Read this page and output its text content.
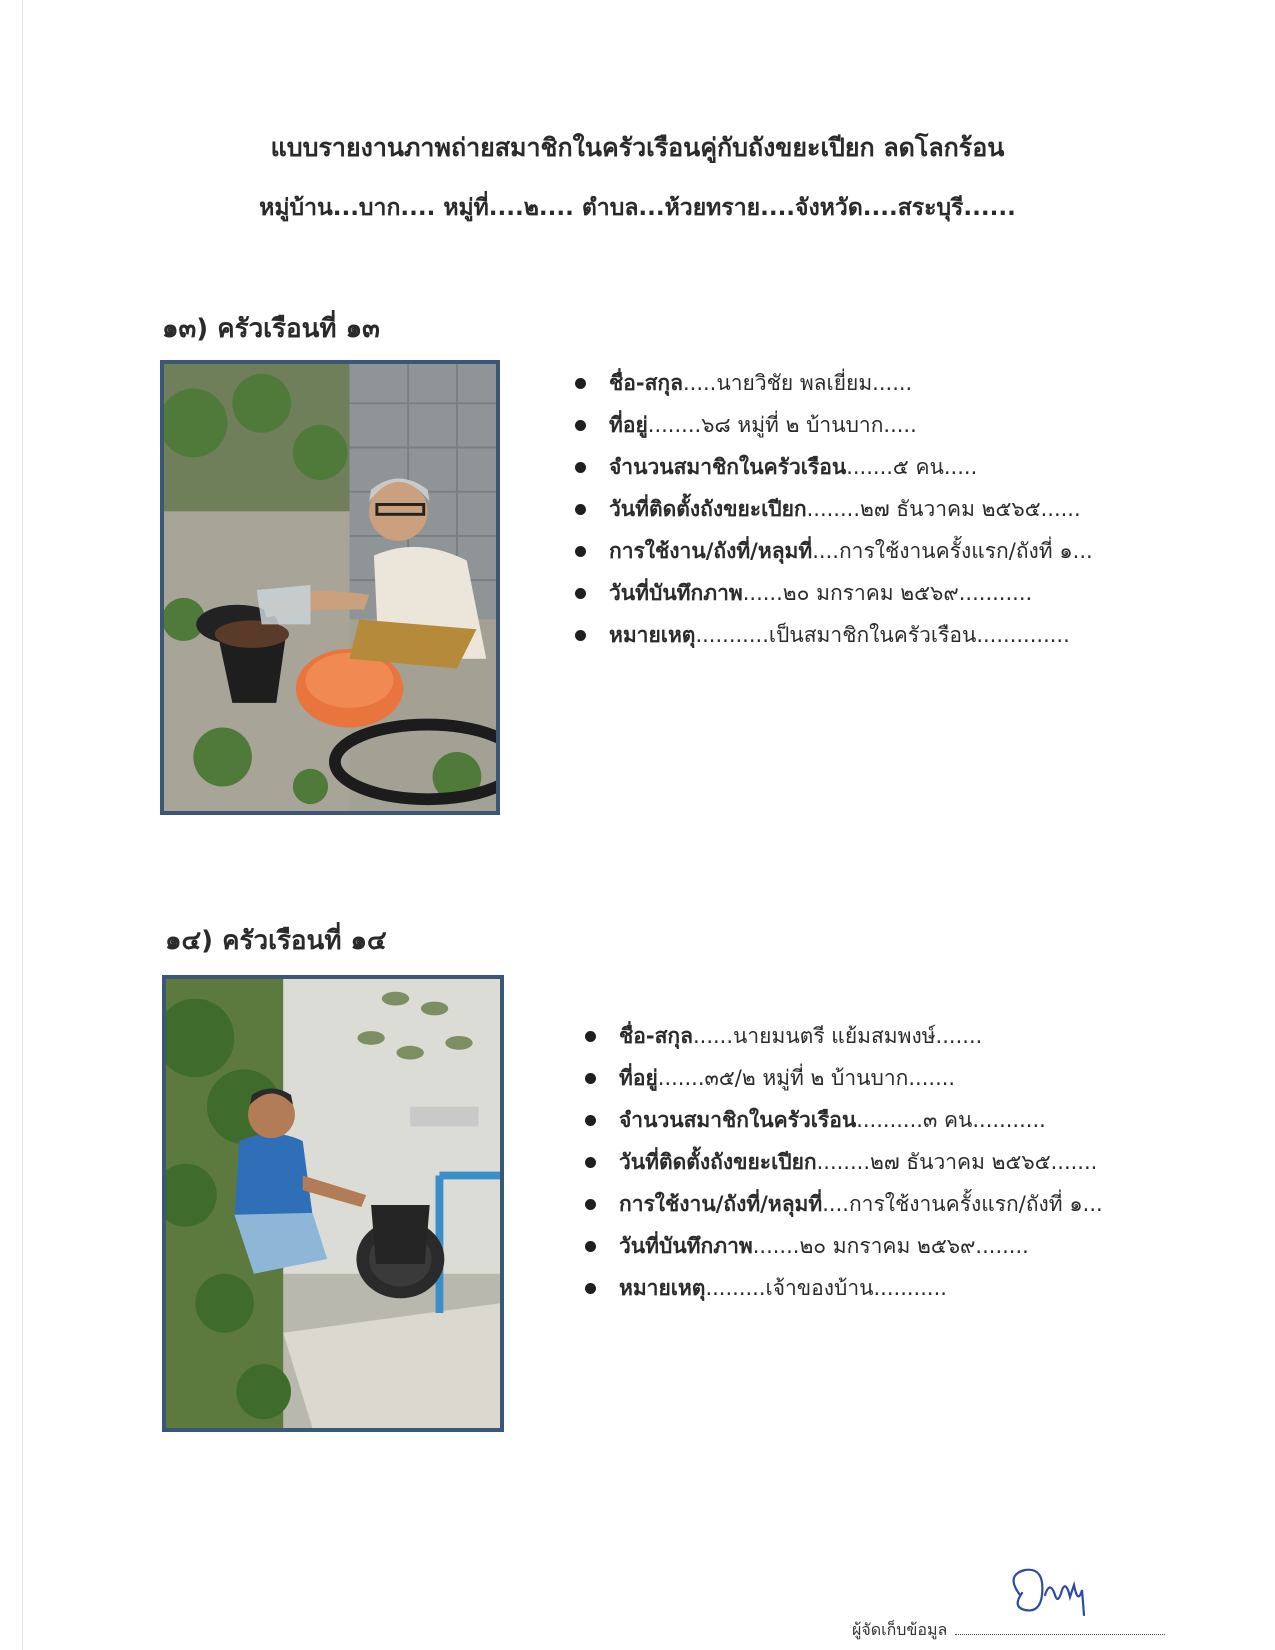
แบบรายงานภาพถ่ายสมาชิกในครัวเรือนคู่กับถังขยะเปียก ลดโลกร้อน
หมู่บ้าน...บาก.... หมู่ที่....๒.... ตำบล...ห้วยทราย....จังหวัด....สระบุรี......
๑๓) ครัวเรือนที่ ๑๓
ชื่อ-สกุล.....นายวิชัย พลเยี่ยม......
ที่อยู่........๖๘ หมู่ที่ ๒ บ้านบาก.....
จำนวนสมาชิกในครัวเรือน.......๕ คน.....
วันที่ติดตั้งถังขยะเปียก........๒๗ ธันวาคม ๒๕๖๕......
การใช้งาน/ถังที่/หลุมที่....การใช้งานครั้งแรก/ถังที่ ๑...
วันที่บันทึกภาพ......๒๐ มกราคม ๒๕๖๙...........
หมายเหตุ...........เป็นสมาชิกในครัวเรือน..............
๑๔) ครัวเรือนที่ ๑๔
ชื่อ-สกุล......นายมนตรี แย้มสมพงษ์.......
ที่อยู่.......๓๕/๒ หมู่ที่ ๒ บ้านบาก.......
จำนวนสมาชิกในครัวเรือน..........๓ คน...........
วันที่ติดตั้งถังขยะเปียก........๒๗ ธันวาคม ๒๕๖๕.......
การใช้งาน/ถังที่/หลุมที่....การใช้งานครั้งแรก/ถังที่ ๑...
วันที่บันทึกภาพ.......๒๐ มกราคม ๒๕๖๙........
หมายเหตุ.........เจ้าของบ้าน...........
ผู้จัดเก็บข้อมูล
